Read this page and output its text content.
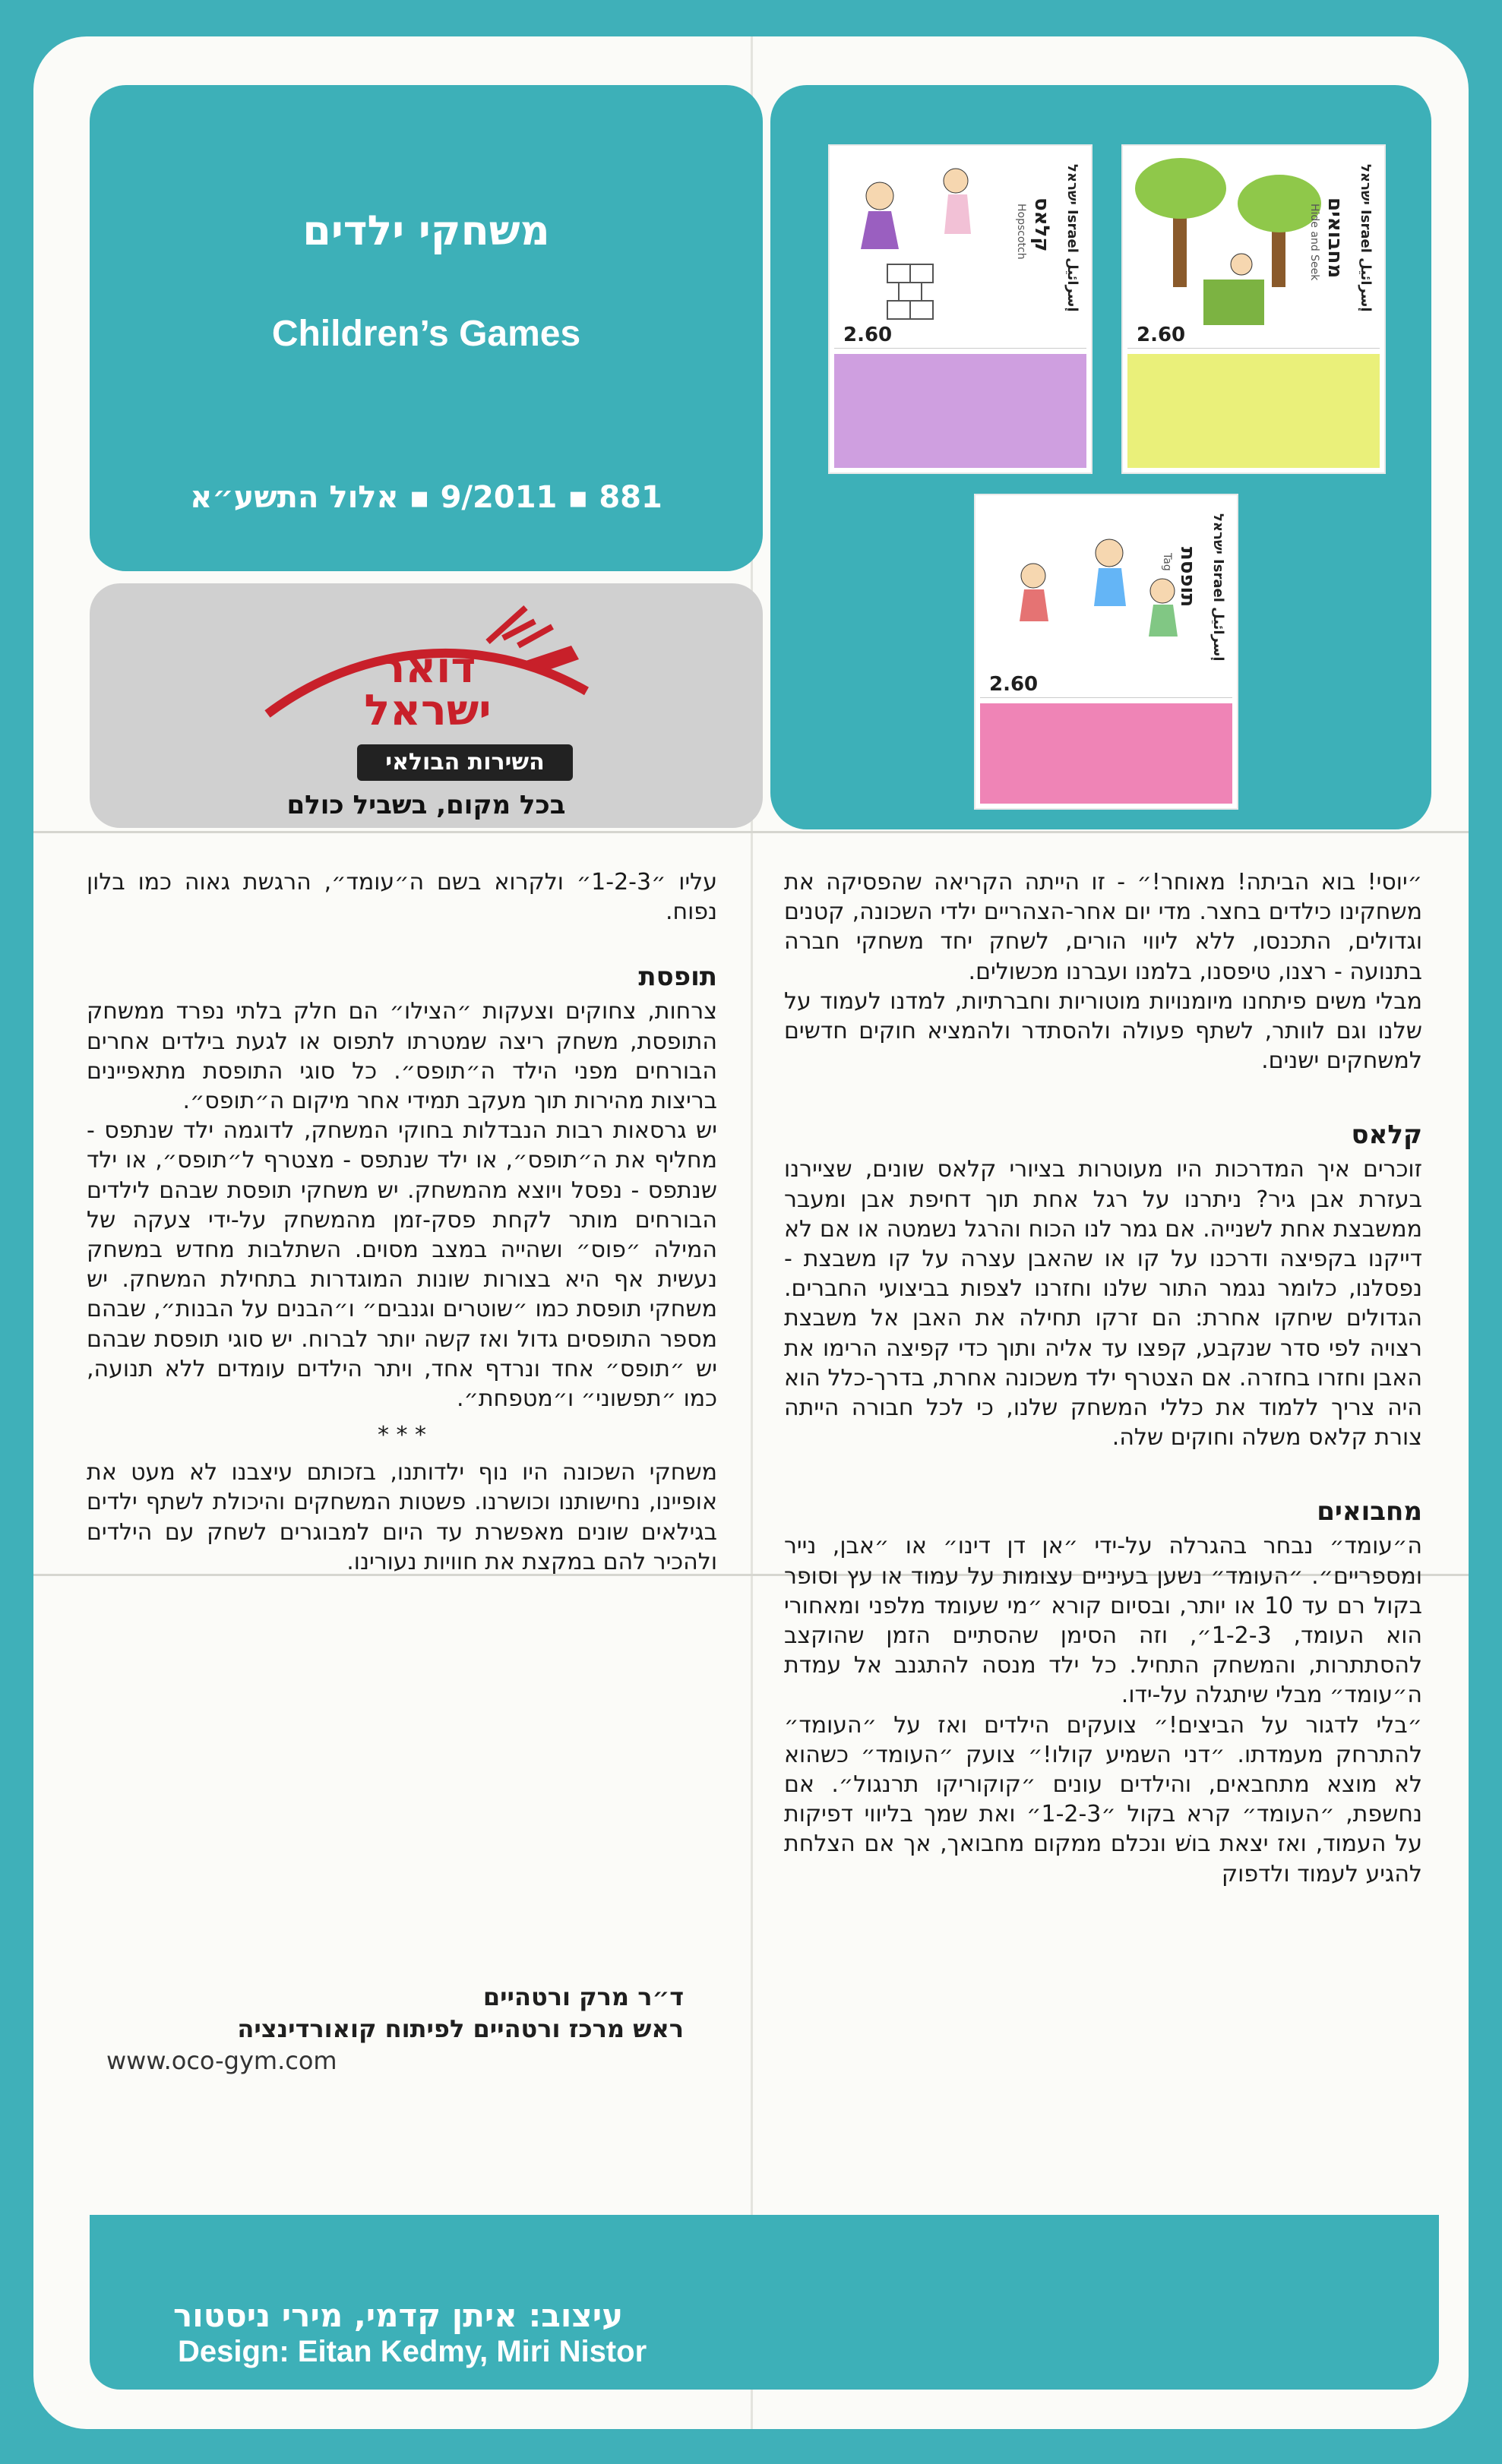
משחקי ילדים
Children’s Games
881 ▪ 9/2011 ▪ אלול התשע״א
דואר
ישראל
השירות הבולאי
בכל מקום, בשביל כולם
ישראל Israel إسرائيل
קלאס
Hopscotch
2.60
ישראל Israel إسرائيل
מחבואים
Hide and Seek
2.60
ישראל Israel إسرائيل
תופסת
Tag
2.60

״יוסי! בוא הביתה! מאוחר!״ - זו הייתה הקריאה שהפסיקה את משחקינו כילדים בחצר. מדי יום אחר-הצהריים ילדי השכונה, קטנים וגדולים, התכנסו, ללא ליווי הורים, לשחק יחד משחקי חברה בתנועה - רצנו, טיפסנו, בלמנו ועברנו מכשולים.

מבלי משים פיתחנו מיומנויות מוטוריות וחברתיות, למדנו לעמוד על שלנו וגם לוותר, לשתף פעולה ולהסתדר ולהמציא חוקים חדשים למשחקים ישנים.

קלאס

זוכרים איך המדרכות היו מעוטרות בציורי קלאס שונים, שציירנו בעזרת אבן גיר? ניתרנו על רגל אחת תוך דחיפת אבן ומעבר ממשבצת אחת לשנייה. אם גמר לנו הכוח והרגל נשמטה או אם לא דייקנו בקפיצה ודרכנו על קו או שהאבן עצרה על קו משבצת - נפסלנו, כלומר נגמר התור שלנו וחזרנו לצפות בביצועי החברים. הגדולים שיחקו אחרת: הם זרקו תחילה את האבן אל משבצת רצויה לפי סדר שנקבע, קפצו עד אליה ותוך כדי קפיצה הרימו את האבן וחזרו בחזרה. אם הצטרף ילד משכונה אחרת, בדרך-כלל הוא היה צריך ללמוד את כללי המשחק שלנו, כי לכל חבורה הייתה צורת קלאס משלה וחוקים שלה.

מחבואים

ה״עומד״ נבחר בהגרלה על-ידי ״אן דן דינו״ או ״אבן, נייר ומספריים״. ״העומד״ נשען בעיניים עצומות על עמוד או עץ וסופר בקול רם עד 10 או יותר, ובסיום קורא ״מי שעומד מלפני ומאחורי הוא העומד, 1-2-3״, וזה הסימן שהסתיים הזמן שהוקצב להסתתרות, והמשחק התחיל. כל ילד מנסה להתגנב אל עמדת ה״עומד״ מבלי שיתגלה על-ידו.

״בלי לדגור על הביצים!״ צועקים הילדים ואז על ״העומד״ להתרחק מעמדתו. ״דני השמיע קולו!״ צועק ״העומד״ כשהוא לא מוצא מתחבאים, והילדים עונים ״קוקוריקו תרנגול״. אם נחשפת, ״העומד״ קרא בקול ״1-2-3״ ואת שמך בליווי דפיקות על העמוד, ואז יצאת בושׁ ונכלם ממקום מחבואך, אך אם הצלחת להגיע לעמוד ולדפוק

עליו ״1-2-3״ ולקרוא בשם ה״עומד״, הרגשת גאוה כמו בלון נפוח.

תופסת

צרחות, צחוקים וצעקות ״הצילו״ הם חלק בלתי נפרד ממשחק התופסת, משחק ריצה שמטרתו לתפוס או לגעת בילדים אחרים הבורחים מפני הילד ה״תופס״. כל סוגי התופסת מתאפיינים בריצות מהירות תוך מעקב תמידי אחר מיקום ה״תופס״.

יש גרסאות רבות הנבדלות בחוקי המשחק, לדוגמה ילד שנתפס - מחליף את ה״תופס״, או ילד שנתפס - מצטרף ל״תופס״, או ילד שנתפס - נפסל ויוצא מהמשחק. יש משחקי תופסת שבהם לילדים הבורחים מותר לקחת פסק-זמן מהמשחק על-ידי צעקה של המילה ״פוס״ ושהייה במצב מסוים. השתלבות מחדש במשחק נעשית אף היא בצורות שונות המוגדרות בתחילת המשחק. יש משחקי תופסת כמו ״שוטרים וגנבים״ ו״הבנים על הבנות״, שבהם מספר התופסים גדול ואז קשה יותר לברוח. יש סוגי תופסת שבהם יש ״תופס״ אחד ונרדף אחד, ויתר הילדים עומדים ללא תנועה, כמו ״תפשוני״ ו״מטפחת״.

* * *

משחקי השכונה היו נוף ילדותנו, בזכותם עיצבנו לא מעט את אופיינו, נחישותנו וכושרנו. פשטות המשחקים והיכולת לשתף ילדים בגילאים שונים מאפשרת עד היום למבוגרים לשחק עם הילדים ולהכיר להם במקצת את חוויות נעורינו.

ד״ר מרק ורטהיים
ראש מרכז ורטהיים לפיתוח קואורדינציה
www.oco-gym.com
עיצוב: איתן קדמי, מירי ניסטור
Design: Eitan Kedmy, Miri Nistor
